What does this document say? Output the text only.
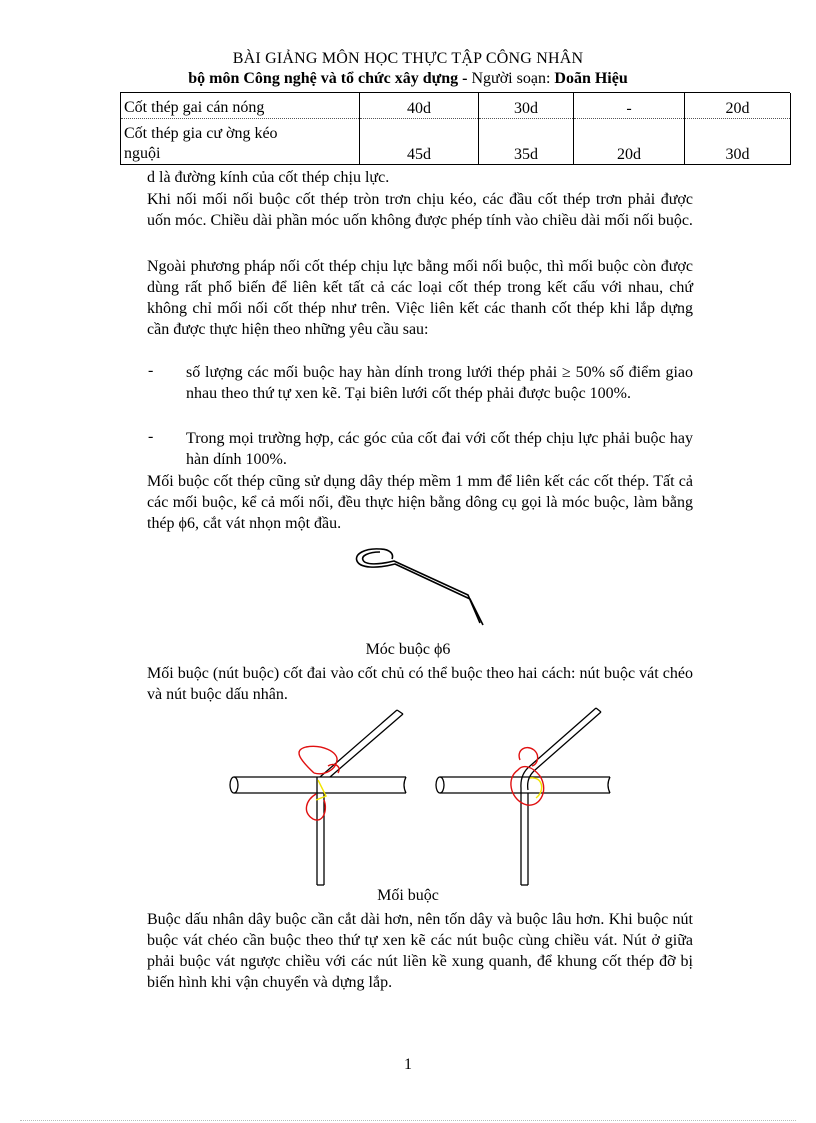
BÀI GIẢNG MÔN HỌC THỰC TẬP CÔNG NHÂN
bộ môn Công nghệ và tổ chức xây dựng - Người soạn: Doãn Hiệu
Cốt thép gai cán nóng	40d	30d	-	20d

Cốt thép gia cư ờng kéo
nguội	45d	35d	20d	30d
d là đường kính của cốt thép chịu lực.
Khi nối mối nối buộc cốt thép tròn trơn chịu kéo, các đầu cốt thép trơn phải được uốn móc. Chiều dài phần móc uốn không được phép tính vào chiều dài mối nối buộc.
Ngoài phương pháp nối cốt thép chịu lực bằng mối nối buộc, thì mối buộc còn được dùng rất phổ biến để liên kết tất cả các loại cốt thép trong kết cấu với nhau, chứ không chỉ mối nối cốt thép như trên. Việc liên kết các thanh cốt thép khi lắp dựng cần được thực hiện theo những yêu cầu sau:
- số lượng các mối buộc hay hàn dính trong lưới thép phải ≥ 50% số điểm giao nhau theo thứ tự xen kẽ. Tại biên lưới cốt thép phải được buộc 100%.
- Trong mọi trường hợp, các góc của cốt đai với cốt thép chịu lực phải buộc hay hàn dính 100%.
Mối buộc cốt thép cũng sử dụng dây thép mềm 1 mm để liên kết các cốt thép. Tất cả các mối buộc, kể cả mối nối, đều thực hiện bằng dông cụ gọi là móc buộc, làm bằng thép ϕ6, cắt vát nhọn một đầu.
Móc buộc ϕ6
Mối buộc (nút buộc) cốt đai vào cốt chủ có thể buộc theo hai cách: nút buộc vát chéo và nút buộc dấu nhân.
Mối buộc
Buộc dấu nhân dây buộc cần cắt dài hơn, nên tốn dây và buộc lâu hơn. Khi buộc nút buộc vát chéo cần buộc theo thứ tự xen kẽ các nút buộc cùng chiều vát. Nút ở giữa phải buộc vát ngược chiều với các nút liền kề xung quanh, để khung cốt thép đỡ bị biến hình khi vận chuyển và dựng lắp.
1
